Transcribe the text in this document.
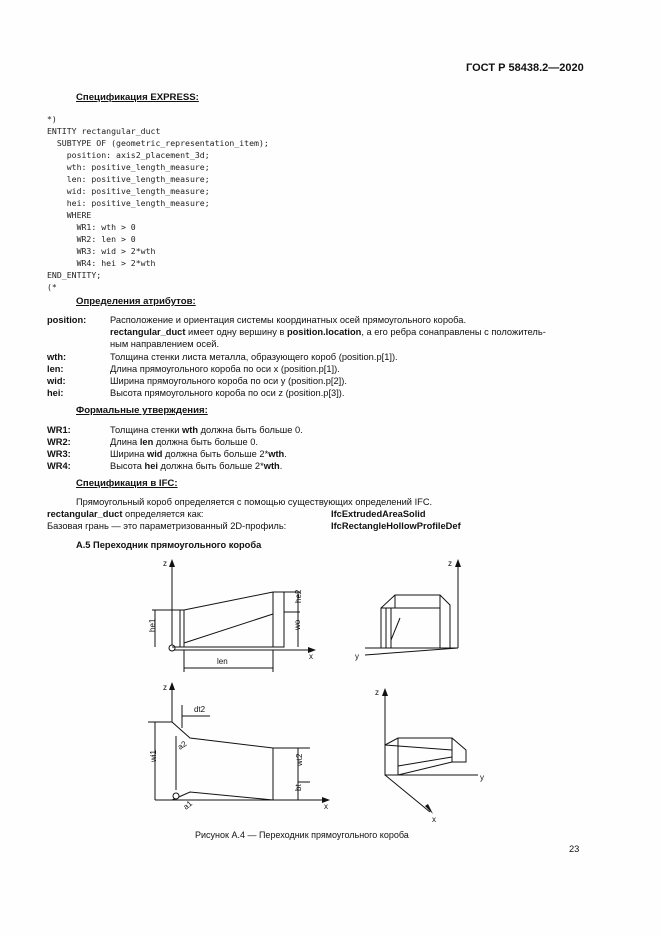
ГОСТ Р 58438.2—2020
Спецификация EXPRESS:
*)
ENTITY rectangular_duct
SUBTYPE OF (geometric_representation_item);
position: axis2_placement_3d;
wth: positive_length_measure;
len: positive_length_measure;
wid: positive_length_measure;
hei: positive_length_measure;
WHERE
WR1: wth > 0
WR2: len > 0
WR3: wid > 2*wth
WR4: hei > 2*wth
END_ENTITY;
(*
Определения атрибутов:
position:	Расположение и ориентация системы координатных осей прямоугольного короба.
rectangular_duct имеет одну вершину в position.location, а его ребра сонаправлены с положитель-
ным направлением осей.
wth:	Толщина стенки листа металла, образующего короб (position.p[1]).
len:	Длина прямоугольного короба по оси x (position.p[1]).
wid:	Ширина прямоугольного короба по оси y (position.p[2]).
hei:	Высота прямоугольного короба по оси z (position.p[3]).
Формальные утверждения:
WR1:	Толщина стенки wth должна быть больше 0.
WR2:	Длина len должна быть больше 0.
WR3:	Ширина wid должна быть больше 2*wth.
WR4:	Высота hei должна быть больше 2*wth.
Спецификация в IFC:
Прямоугольный короб определяется с помощью существующих определений IFC.
rectangular_duct определяется как:	IfcExtrudedAreaSolid
Базовая грань — это параметризованный 2D-профиль:	IfcRectangleHollowProfileDef
А.5 Переходник прямоугольного короба
z
x
he1
he2
wo
len
z
y
z
x
dt2
a2
wi1	wt2
bt
a1
z
y
x
Рисунок А.4 — Переходник прямоугольного короба
23
